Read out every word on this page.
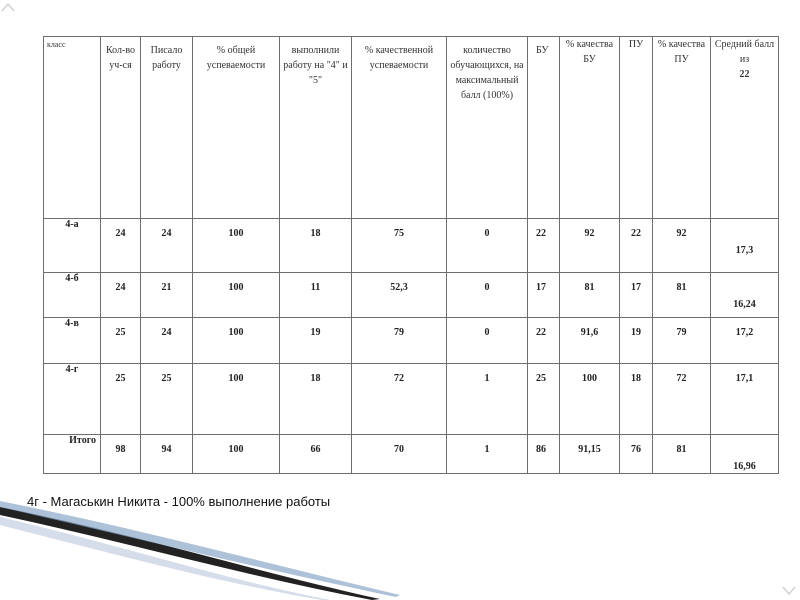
класс	Кол-во уч-ся	Писало работу	% общей успеваемости	выполнили работу на "4" и "5"	% качественной успеваемости	количество обучающихся, на максимальный балл (100%)	БУ	% качества БУ	ПУ	% качества ПУ	Средний балл из
22

4-а	24	24	100	18	75	0	22	92	22	92	17,3

4-б	24	21	100	11	52,3	0	17	81	17	81	16,24

4-в	25	24	100	19	79	0	22	91,6	19	79	17,2

4-г	25	25	100	18	72	1	25	100	18	72	17,1

Итого	98	94	100	66	70	1	86	91,15	76	81	16,96
4г - Магаськин Никита - 100% выполнение работы
